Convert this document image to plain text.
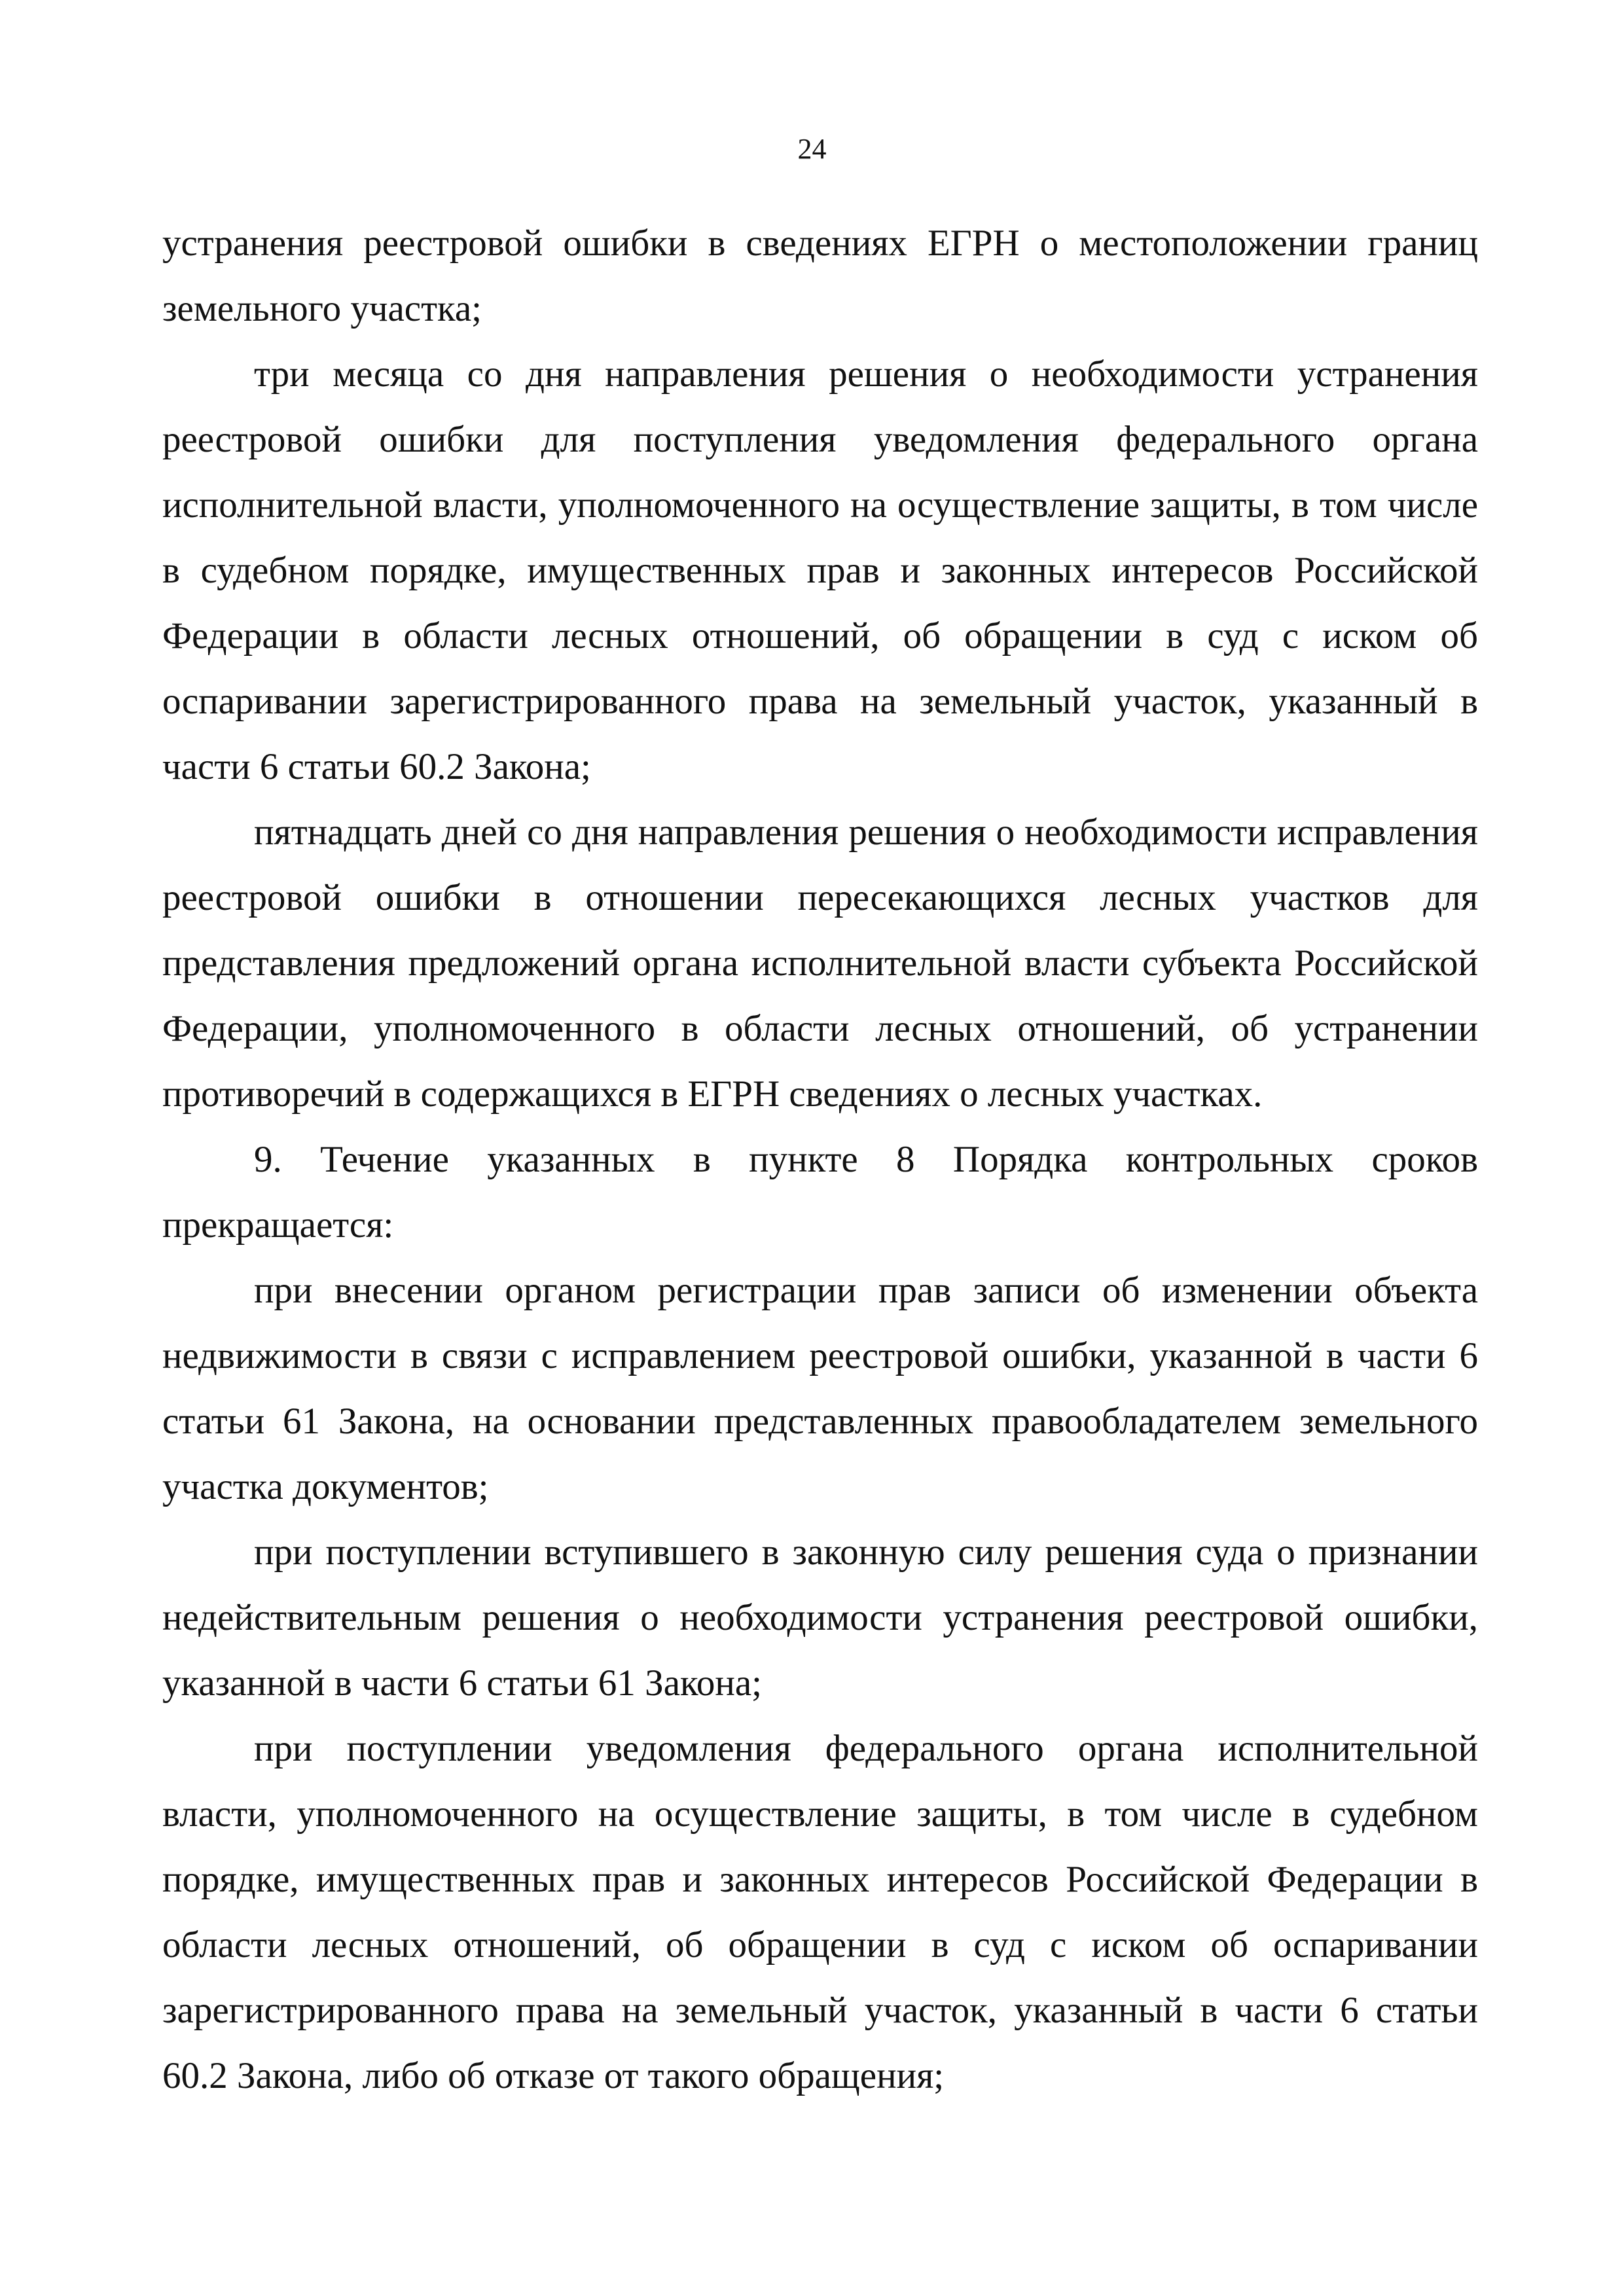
24

устранения реестровой ошибки в сведениях ЕГРН о местоположении границ земельного участка;

три месяца со дня направления решения о необходимости устранения реестровой ошибки для поступления уведомления федерального органа исполнительной власти, уполномоченного на осуществление защиты, в том числе в судебном порядке, имущественных прав и законных интересов Российской Федерации в области лесных отношений, об обращении в суд с иском об оспаривании зарегистрированного права на земельный участок, указанный в части 6 статьи 60.2 Закона;

пятнадцать дней со дня направления решения о необходимости исправления реестровой ошибки в отношении пересекающихся лесных участков для представления предложений органа исполнительной власти субъекта Российской Федерации, уполномоченного в области лесных отношений, об устранении противоречий в содержащихся в ЕГРН сведениях о лесных участках.

9. Течение указанных в пункте 8 Порядка контрольных сроков прекращается:

при внесении органом регистрации прав записи об изменении объекта недвижимости в связи с исправлением реестровой ошибки, указанной в части 6 статьи 61 Закона, на основании представленных правообладателем земельного участка документов;

при поступлении вступившего в законную силу решения суда о признании недействительным решения о необходимости устранения реестровой ошибки, указанной в части 6 статьи 61 Закона;

при поступлении уведомления федерального органа исполнительной власти, уполномоченного на осуществление защиты, в том числе в судебном порядке, имущественных прав и законных интересов Российской Федерации в области лесных отношений, об обращении в суд с иском об оспаривании зарегистрированного права на земельный участок, указанный в части 6 статьи 60.2 Закона, либо об отказе от такого обращения;
